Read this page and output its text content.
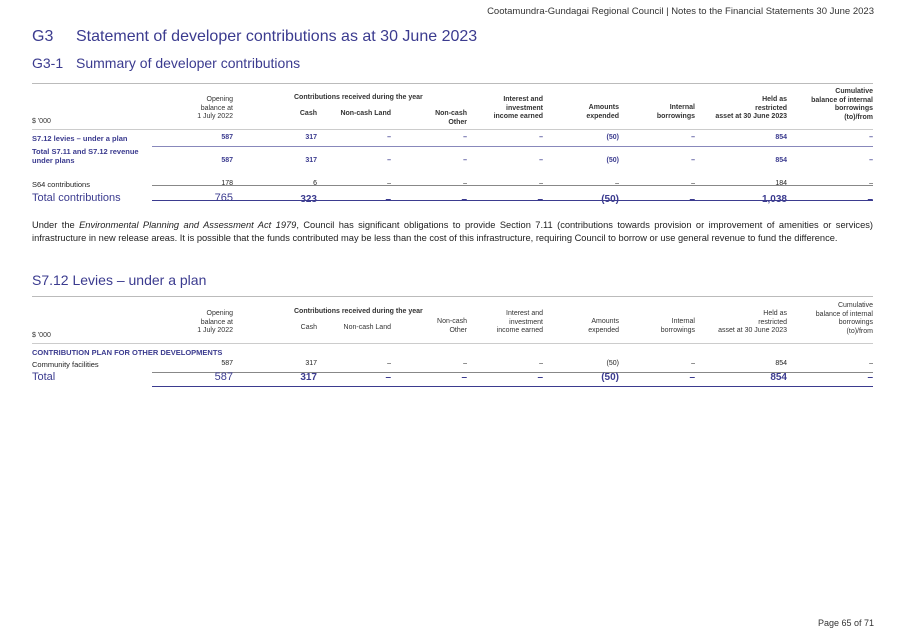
Cootamundra-Gundagai Regional Council | Notes to the Financial Statements 30 June 2023
G3 Statement of developer contributions as at 30 June 2023
G3-1 Summary of developer contributions
$ '000
Opening
balance at
1 July 2022
Contributions received during the year
Cash	Non-cash Land	Non-cash
Other
Interest and
investment
income earned
Amounts
expended
Internal
borrowings
Held as
restricted
asset at 30 June 2023
Cumulative
balance of internal
borrowings
(to)/from
S7.12 levies – under a plan	587	317	–	–	–	(50)	–	854	–
Total S7.11 and S7.12 revenue
under plans	587	317	–	–	–	(50)	–	854	–
S64 contributions	178	6	–	–	–	–	–	184	–
Total contributions	765	323	–	–	–	(50)	–	1,038	–
Under the Environmental Planning and Assessment Act 1979, Council has significant obligations to provide Section 7.11 (contributions towards provision or improvement of amenities or services) infrastructure in new release areas. It is possible that the funds contributed may be less than the cost of this infrastructure, requiring Council to borrow or use general revenue to fund the difference.
S7.12 Levies – under a plan
$ '000
Opening
balance at
1 July 2022
Contributions received during the year
Cash	Non-cash Land
Non-cash
Other
Interest and
investment
income earned
Amounts
expended
Internal
borrowings
Held as
restricted
asset at 30 June 2023
Cumulative
balance of internal
borrowings
(to)/from
CONTRIBUTION PLAN FOR OTHER DEVELOPMENTS
Community facilities	587	317	–	–	–	(50)	–	854	–
Total	587	317	–	–	–	(50)	–	854	–
Page 65 of 71
